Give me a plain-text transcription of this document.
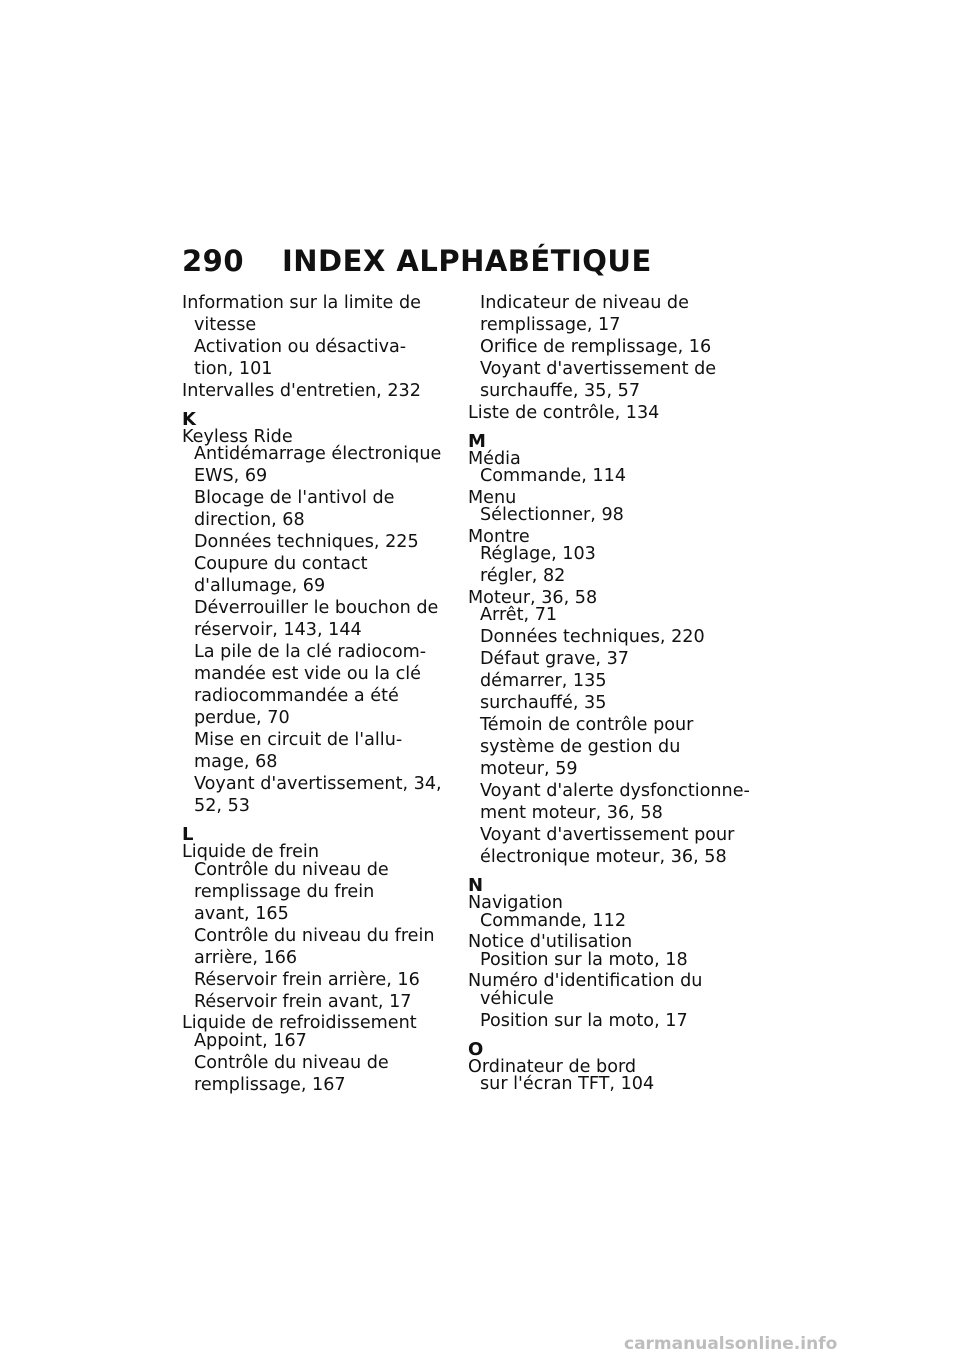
290 INDEX ALPHABÉTIQUE
Information sur la limite de
vitesse
Activation ou désactiva-
tion, 101
Intervalles d'entretien, 232
K
Keyless Ride
Antidémarrage électronique
EWS, 69
Blocage de l'antivol de
direction, 68
Données techniques, 225
Coupure du contact
d'allumage, 69
Déverrouiller le bouchon de
réservoir, 143, 144
La pile de la clé radiocom-
mandée est vide ou la clé
radiocommandée a été
perdue, 70
Mise en circuit de l'allu-
mage, 68
Voyant d'avertissement, 34,
52, 53
L
Liquide de frein
Contrôle du niveau de
remplissage du frein
avant, 165
Contrôle du niveau du frein
arrière, 166
Réservoir frein arrière, 16
Réservoir frein avant, 17
Liquide de refroidissement
Appoint, 167
Contrôle du niveau de
remplissage, 167
Indicateur de niveau de
remplissage, 17
Orifice de remplissage, 16
Voyant d'avertissement de
surchauffe, 35, 57
Liste de contrôle, 134
M
Média
Commande, 114
Menu
Sélectionner, 98
Montre
Réglage, 103
régler, 82
Moteur, 36, 58
Arrêt, 71
Données techniques, 220
Défaut grave, 37
démarrer, 135
surchauffé, 35
Témoin de contrôle pour
système de gestion du
moteur, 59
Voyant d'alerte dysfonctionne-
ment moteur, 36, 58
Voyant d'avertissement pour
électronique moteur, 36, 58
N
Navigation
Commande, 112
Notice d'utilisation
Position sur la moto, 18
Numéro d'identification du
véhicule
Position sur la moto, 17
O
Ordinateur de bord
sur l'écran TFT, 104
carmanualsonline.info
